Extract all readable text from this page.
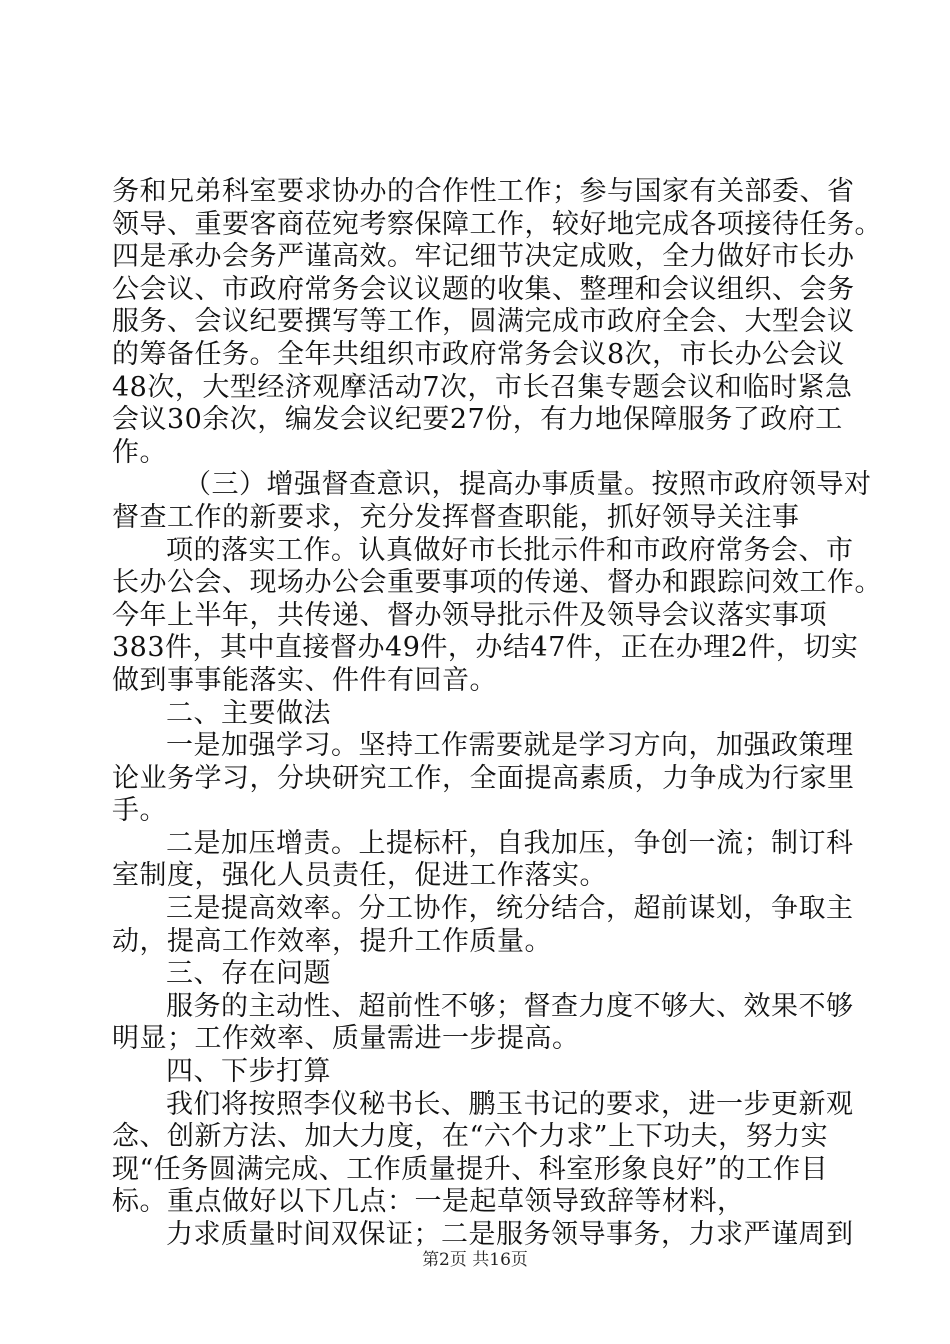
务和兄弟科室要求协办的合作性工作；参与国家有关部委、省
领导、重要客商莅宛考察保障工作，较好地完成各项接待任务。
四是承办会务严谨高效。牢记细节决定成败，全力做好市长办
公会议、市政府常务会议议题的收集、整理和会议组织、会务
服务、会议纪要撰写等工作，圆满完成市政府全会、大型会议
的筹备任务。全年共组织市政府常务会议8次，市长办公会议
48次，大型经济观摩活动7次，市长召集专题会议和临时紧急
会议30余次，编发会议纪要27份，有力地保障服务了政府工
作。
（三）增强督查意识，提高办事质量。按照市政府领导对
督查工作的新要求，充分发挥督查职能，抓好领导关注事
项的落实工作。认真做好市长批示件和市政府常务会、市
长办公会、现场办公会重要事项的传递、督办和跟踪问效工作。
今年上半年，共传递、督办领导批示件及领导会议落实事项
383件，其中直接督办49件，办结47件，正在办理2件，切实
做到事事能落实、件件有回音。
二、主要做法
一是加强学习。坚持工作需要就是学习方向，加强政策理
论业务学习，分块研究工作，全面提高素质，力争成为行家里
手。
二是加压增责。上提标杆，自我加压，争创一流；制订科
室制度，强化人员责任，促进工作落实。
三是提高效率。分工协作，统分结合，超前谋划，争取主
动，提高工作效率，提升工作质量。
三、存在问题
服务的主动性、超前性不够；督查力度不够大、效果不够
明显；工作效率、质量需进一步提高。
四、下步打算
我们将按照李仪秘书长、鹏玉书记的要求，进一步更新观
念、创新方法、加大力度，在“六个力求”上下功夫，努力实
现“任务圆满完成、工作质量提升、科室形象良好”的工作目
标。重点做好以下几点：一是起草领导致辞等材料，
力求质量时间双保证；二是服务领导事务，力求严谨周到
第2页 共16页
